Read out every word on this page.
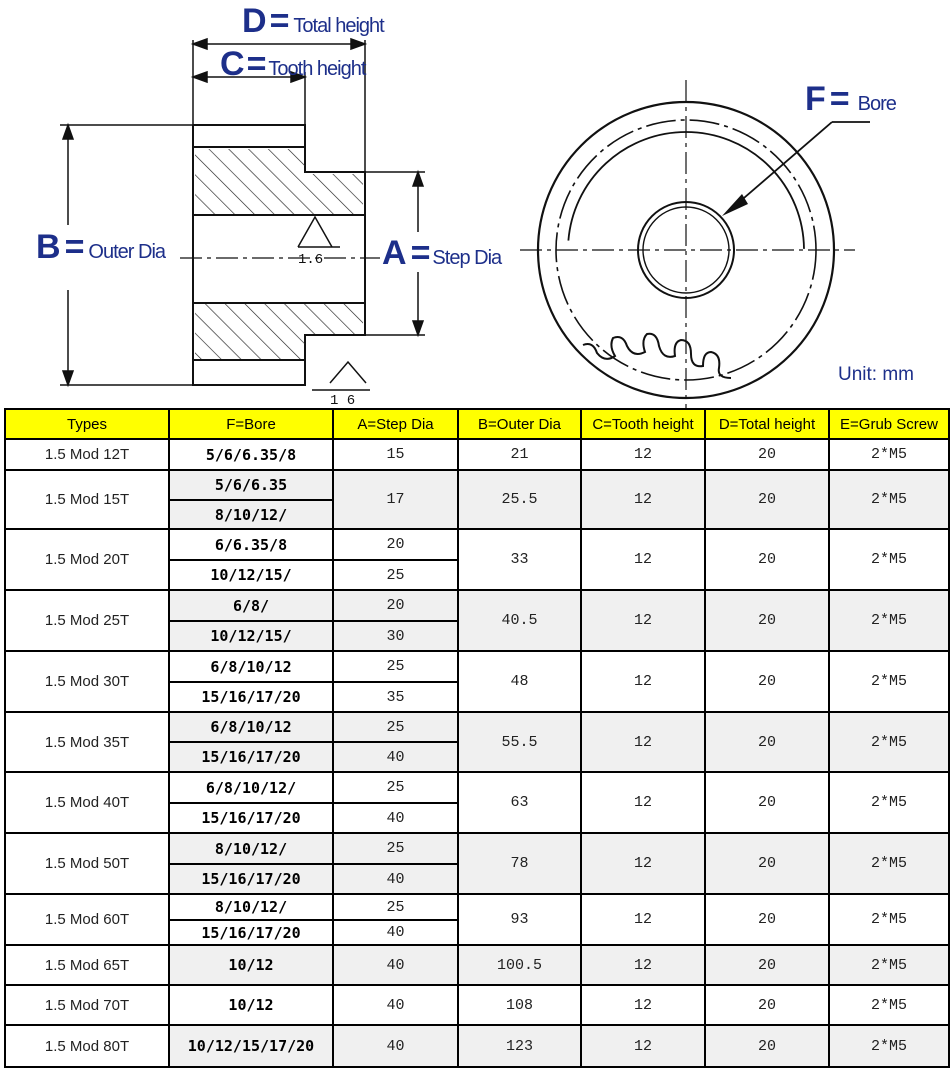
1.6
1 6
D= Total height
C= Tooth height
B = Outer Dia	A = Step Dia
F = Bore
Unit: mm
Types	F=Bore	A=Step Dia	B=Outer Dia	C=Tooth height	D=Total height	E=Grub Screw
1.5 Mod 12T	5/6/6.35/8	15	21	12	20	2*M5
1.5 Mod 15T	5/6/6.35	17	25.5	12	20	2*M5
	8/10/12/					
1.5 Mod 20T	6/6.35/8	20	33	12	20	2*M5
	10/12/15/	25				
1.5 Mod 25T	6/8/	20	40.5	12	20	2*M5
	10/12/15/	30				
1.5 Mod 30T	6/8/10/12	25	48	12	20	2*M5
	15/16/17/20	35				
1.5 Mod 35T	6/8/10/12	25	55.5	12	20	2*M5
	15/16/17/20	40				
1.5 Mod 40T	6/8/10/12/	25	63	12	20	2*M5
	15/16/17/20	40				
1.5 Mod 50T	8/10/12/	25	78	12	20	2*M5
	15/16/17/20	40				
1.5 Mod 60T	8/10/12/	25	93	12	20	2*M5
	15/16/17/20	40				
1.5 Mod 65T	10/12	40	100.5	12	20	2*M5
1.5 Mod 70T	10/12	40	108	12	20	2*M5
1.5 Mod 80T	10/12/15/17/20	40	123	12	20	2*M5
